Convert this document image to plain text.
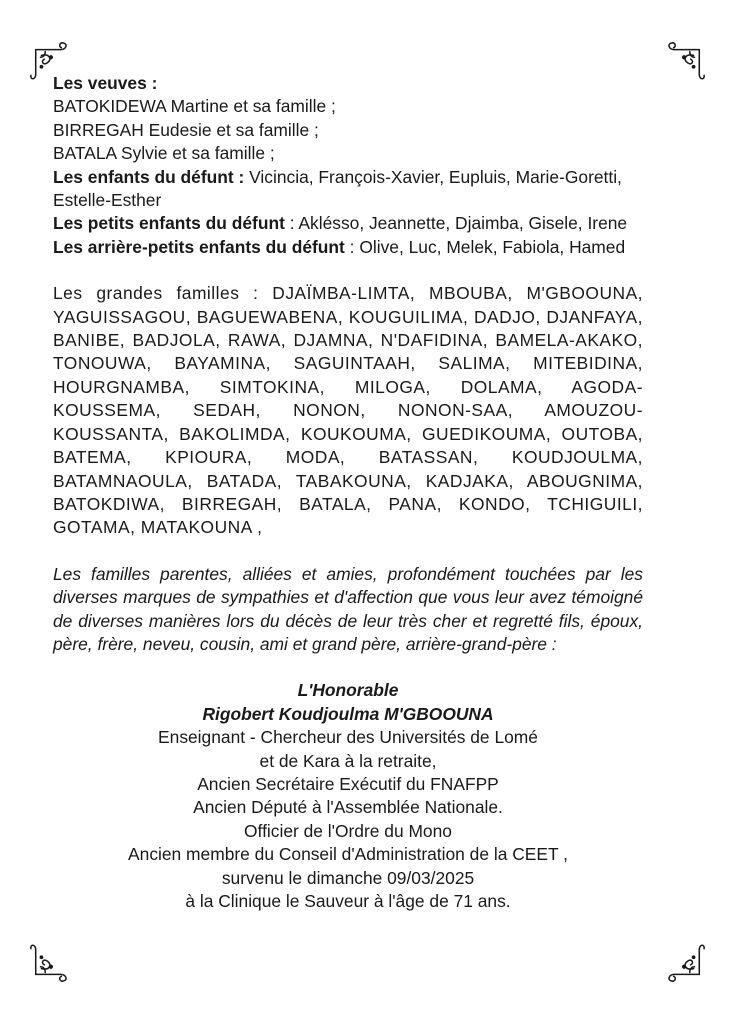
Les veuves :

BATOKIDEWA Martine et sa famille ;

BIRREGAH Eudesie et sa famille ;

BATALA Sylvie et sa famille ;

Les enfants du défunt : Vicincia, François-Xavier, Eupluis, Marie-Goretti, Estelle-Esther

Les petits enfants du défunt : Aklésso, Jeannette, Djaimba, Gisele, Irene

Les arrière-petits enfants du défunt : Olive, Luc, Melek, Fabiola, Hamed

Les grandes familles : DJAÏMBA-LIMTA, MBOUBA, M'GBOOUNA, YAGUISSAGOU, BAGUEWABENA, KOUGUILIMA, DADJO, DJANFAYA, BANIBE, BADJOLA, RAWA, DJAMNA, N'DAFIDINA, BAMELA-AKAKO, TONOUWA, BAYAMINA, SAGUINTAAH, SALIMA, MITEBIDINA, HOURGNAMBA, SIMTOKINA, MILOGA, DOLAMA, AGODA-KOUSSEMA, SEDAH, NONON, NONON-SAA, AMOUZOU-KOUSSANTA, BAKOLIMDA, KOUKOUMA, GUEDIKOUMA, OUTOBA, BATEMA, KPIOURA, MODA, BATASSAN, KOUDJOULMA, BATAMNAOULA, BATADA, TABAKOUNA, KADJAKA, ABOUGNIMA, BATOKDIWA, BIRREGAH, BATALA, PANA, KONDO, TCHIGUILI, GOTAMA, MATAKOUNA ,

Les familles parentes, alliées et amies, profondément touchées par les diverses marques de sympathies et d'affection que vous leur avez témoigné de diverses manières lors du décès de leur très cher et regretté fils, époux, père, frère, neveu, cousin, ami et grand père, arrière-grand-père :

L'Honorable

Rigobert Koudjoulma M'GBOOUNA

Enseignant - Chercheur des Universités de Lomé

et de Kara à la retraite,

Ancien Secrétaire Exécutif du FNAFPP

Ancien Député à l'Assemblée Nationale.

Officier de l'Ordre du Mono

Ancien membre du Conseil d'Administration de la CEET ,

survenu le dimanche 09/03/2025

à la Clinique le Sauveur à l'âge de 71 ans.
